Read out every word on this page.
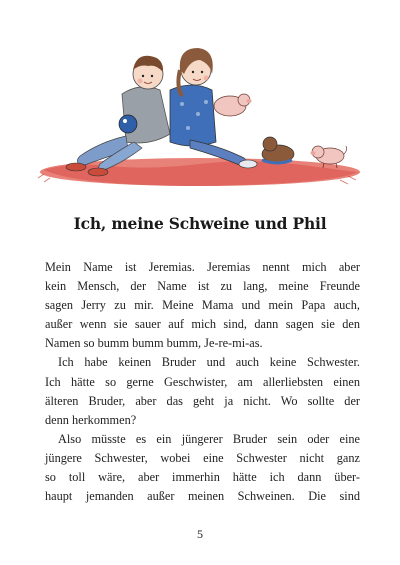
Ich, meine Schweine und Phil
Mein Name ist Jeremias. Jeremias nennt mich aber
kein Mensch, der Name ist zu lang, meine Freunde
sagen Jerry zu mir. Meine Mama und mein Papa auch,
außer wenn sie sauer auf mich sind, dann sagen sie den
Namen so bumm bumm bumm, Je-re-mi-as.
Ich habe keinen Bruder und auch keine Schwester.
Ich hätte so gerne Geschwister, am allerliebsten einen
älteren Bruder, aber das geht ja nicht. Wo sollte der
denn herkommen?
Also müsste es ein jüngerer Bruder sein oder eine
jüngere Schwester, wobei eine Schwester nicht ganz
so toll wäre, aber immerhin hätte ich dann über-
haupt jemanden außer meinen Schweinen. Die sind
5
